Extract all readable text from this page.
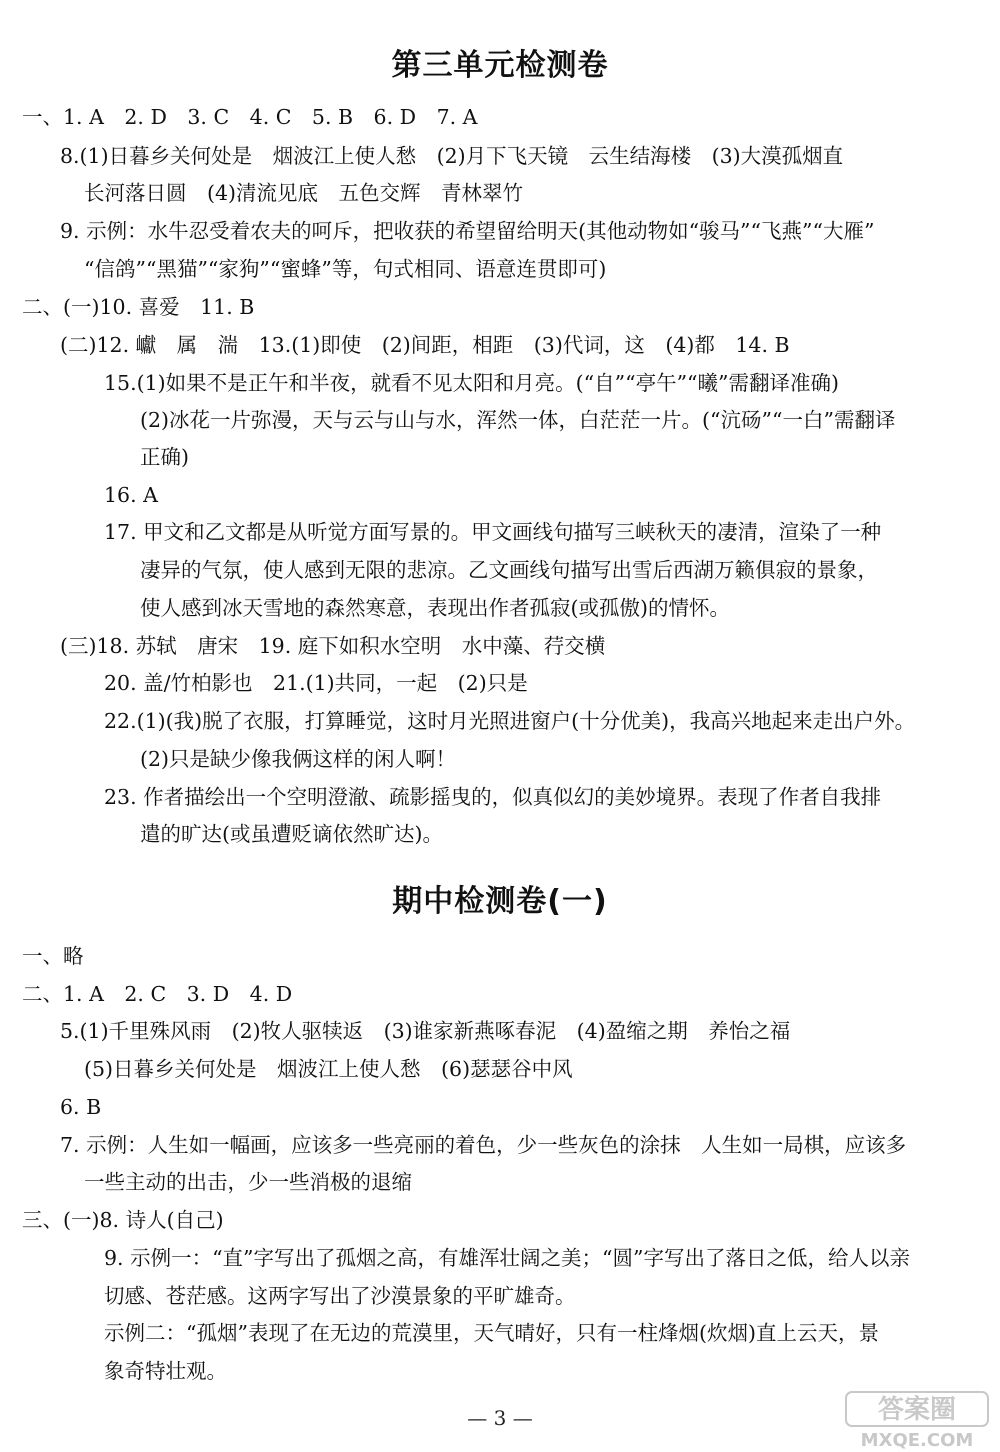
第三单元检测卷

一、1. A　2. D　3. C　4. C　5. B　6. D　7. A

8.(1)日暮乡关何处是　烟波江上使人愁　(2)月下飞天镜　云生结海楼　(3)大漠孤烟直

长河落日圆　(4)清流见底　五色交辉　青林翠竹

9. 示例：水牛忍受着农夫的呵斥，把收获的希望留给明天(其他动物如“骏马”“飞燕”“大雁”

“信鸽”“黑猫”“家狗”“蜜蜂”等，句式相同、语意连贯即可)

二、(一)10. 喜爱　11. B

(二)12. 巘　属　湍　13.(1)即使　(2)间距，相距　(3)代词，这　(4)都　14. B

15.(1)如果不是正午和半夜，就看不见太阳和月亮。(“自”“亭午”“曦”需翻译准确)

(2)冰花一片弥漫，天与云与山与水，浑然一体，白茫茫一片。(“沆砀”“一白”需翻译

正确)

16. A

17. 甲文和乙文都是从听觉方面写景的。甲文画线句描写三峡秋天的凄清，渲染了一种

凄异的气氛，使人感到无限的悲凉。乙文画线句描写出雪后西湖万籁俱寂的景象，

使人感到冰天雪地的森然寒意，表现出作者孤寂(或孤傲)的情怀。

(三)18. 苏轼　唐宋　19. 庭下如积水空明　水中藻、荇交横

20. 盖/竹柏影也　21.(1)共同，一起　(2)只是

22.(1)(我)脱了衣服，打算睡觉，这时月光照进窗户(十分优美)，我高兴地起来走出户外。

(2)只是缺少像我俩这样的闲人啊！

23. 作者描绘出一个空明澄澈、疏影摇曳的，似真似幻的美妙境界。表现了作者自我排

遣的旷达(或虽遭贬谪依然旷达)。

期中检测卷(一)

一、略

二、1. A　2. C　3. D　4. D

5.(1)千里殊风雨　(2)牧人驱犊返　(3)谁家新燕啄春泥　(4)盈缩之期　养怡之福

(5)日暮乡关何处是　烟波江上使人愁　(6)瑟瑟谷中风

6. B

7. 示例：人生如一幅画，应该多一些亮丽的着色，少一些灰色的涂抹　人生如一局棋，应该多

一些主动的出击，少一些消极的退缩

三、(一)8. 诗人(自己)

9. 示例一：“直”字写出了孤烟之高，有雄浑壮阔之美；“圆”字写出了落日之低，给人以亲

切感、苍茫感。这两字写出了沙漠景象的平旷雄奇。

示例二：“孤烟”表现了在无边的荒漠里，天气晴好，只有一柱烽烟(炊烟)直上云天，景

象奇特壮观。

— 3 —	答案圈
MXQE.COM
